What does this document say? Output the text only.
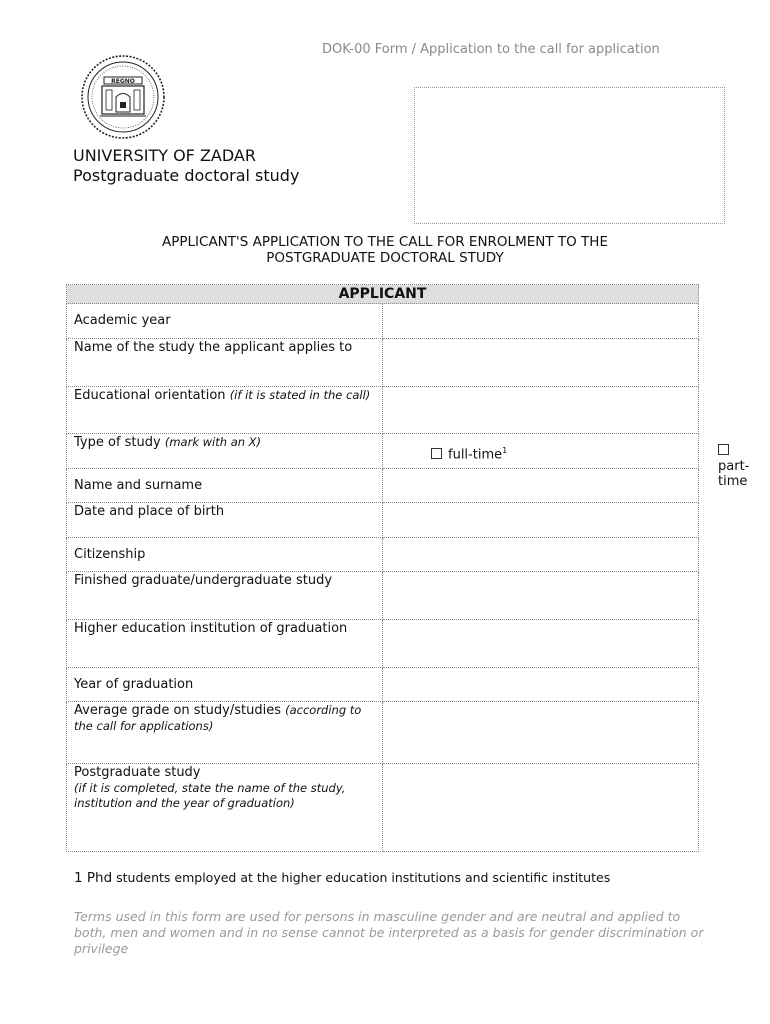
DOK-00 Form / Application to the call for application
REGNO
UNIVERSITY OF ZADAR
Postgraduate doctoral study
APPLICANT'S APPLICATION TO THE CALL FOR ENROLMENT TO THE
POSTGRADUATE DOCTORAL STUDY
APPLICANT	
Academic year	
Name of the study the applicant applies to	
Educational orientation (if it is stated in the call)	
Type of study (mark with an X)	full-time$^1$
part-time

Name and surname	
Date and place of birth	
Citizenship	
Finished graduate/undergraduate study	
Higher education institution of graduation	
Year of graduation	
Average grade on study/studies (according to the call for applications)	
Postgraduate study
(if it is completed, state the name of the study, institution and the year of graduation)	
1 Phd students employed at the higher education institutions and scientific institutes
Terms used in this form are used for persons in masculine gender and are neutral and applied to both, men and women and in no sense cannot be interpreted as a basis for gender discrimination or privilege
